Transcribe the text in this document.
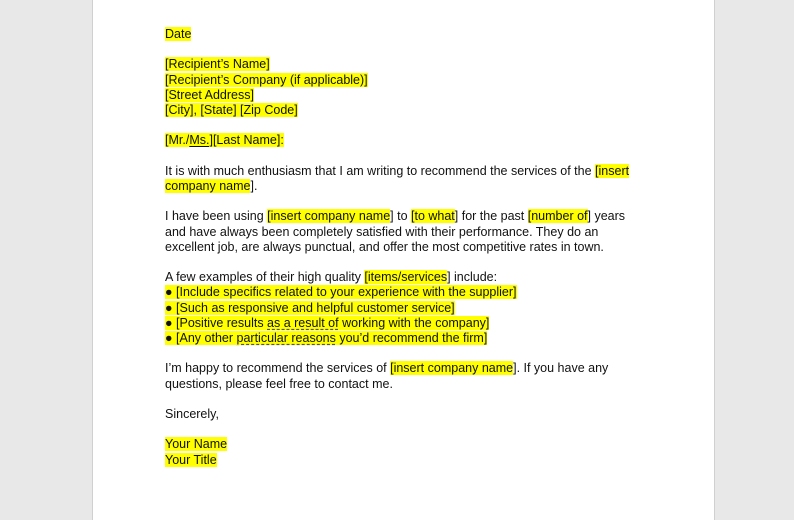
Date

[Recipient’s Name]

[Recipient’s Company (if applicable)]

[Street Address]

[City], [State] [Zip Code]

[Mr./Ms.][Last Name]:

It is with much enthusiasm that I am writing to recommend the services of the [insert
company name].

I have been using [insert company name] to [to what] for the past [number of] years and have always been completely satisfied with their performance. They do an excellent job, are always punctual, and offer the most competitive rates in town.

A few examples of their high quality [items/services] include:

● [Include specifics related to your experience with the supplier]

● [Such as responsive and helpful customer service]

● [Positive results as a result of working with the company]

● [Any other particular reasons you’d recommend the firm]

I’m happy to recommend the services of [insert company name]. If you have any questions, please feel free to contact me.

Sincerely,

Your Name

Your Title
